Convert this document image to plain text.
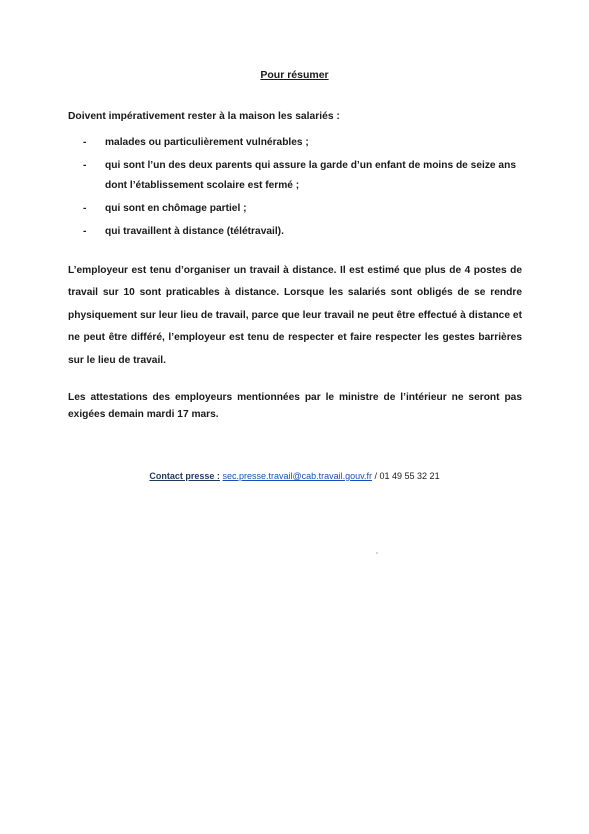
Pour résumer
Doivent impérativement rester à la maison les salariés :
- malades ou particulièrement vulnérables ;
- qui sont l’un des deux parents qui assure la garde d’un enfant de moins de seize ans dont l’établissement scolaire est fermé ;
- qui sont en chômage partiel ;
- qui travaillent à distance (télétravail).

L’employeur est tenu d’organiser un travail à distance. Il est estimé que plus de 4 postes de travail sur 10 sont praticables à distance. Lorsque les salariés sont obligés de se rendre physiquement sur leur lieu de travail, parce que leur travail ne peut être effectué à distance et ne peut être différé, l’employeur est tenu de respecter et faire respecter les gestes barrières sur le lieu de travail.

Les attestations des employeurs mentionnées par le ministre de l’intérieur ne seront pas exigées demain mardi 17 mars.

Contact presse : sec.presse.travail@cab.travail.gouv.fr / 01 49 55 32 21
